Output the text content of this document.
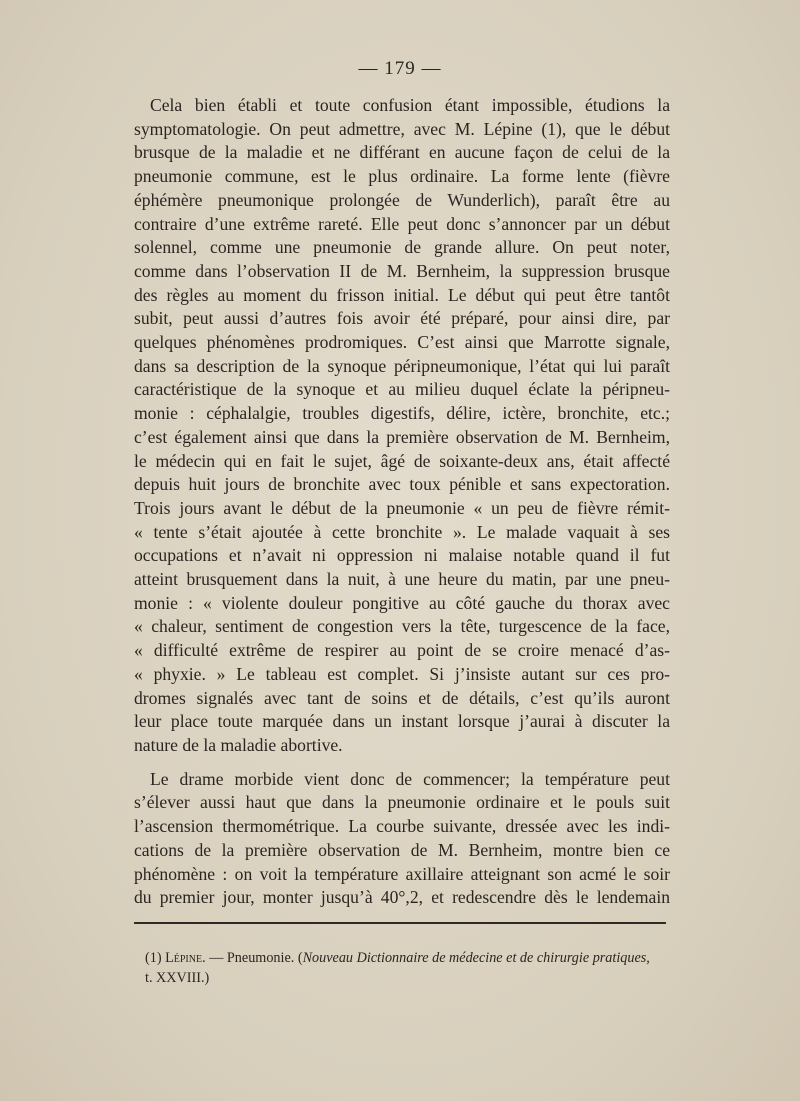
— 179 —
Cela bien établi et toute confusion étant impossible, étudions la
symptomatologie. On peut admettre, avec M. Lépine (1), que le début
brusque de la maladie et ne différant en aucune façon de celui de la
pneumonie commune, est le plus ordinaire. La forme lente (fièvre
éphémère pneumonique prolongée de Wunderlich), paraît être au
contraire d’une extrême rareté. Elle peut donc s’annoncer par un début
solennel, comme une pneumonie de grande allure. On peut noter,
comme dans l’observation II de M. Bernheim, la suppression brusque
des règles au moment du frisson initial. Le début qui peut être tantôt
subit, peut aussi d’autres fois avoir été préparé, pour ainsi dire, par
quelques phénomènes prodromiques. C’est ainsi que Marrotte signale,
dans sa description de la synoque péripneumonique, l’état qui lui paraît
caractéristique de la synoque et au milieu duquel éclate la péripneu-
monie : céphalalgie, troubles digestifs, délire, ictère, bronchite, etc.;
c’est également ainsi que dans la première observation de M. Bernheim,
le médecin qui en fait le sujet, âgé de soixante-deux ans, était affecté
depuis huit jours de bronchite avec toux pénible et sans expectoration.
Trois jours avant le début de la pneumonie « un peu de fièvre rémit-
« tente s’était ajoutée à cette bronchite ». Le malade vaquait à ses
occupations et n’avait ni oppression ni malaise notable quand il fut
atteint brusquement dans la nuit, à une heure du matin, par une pneu-
monie : « violente douleur pongitive au côté gauche du thorax avec
« chaleur, sentiment de congestion vers la tête, turgescence de la face,
« difficulté extrême de respirer au point de se croire menacé d’as-
« phyxie. » Le tableau est complet. Si j’insiste autant sur ces pro-
dromes signalés avec tant de soins et de détails, c’est qu’ils auront
leur place toute marquée dans un instant lorsque j’aurai à discuter la
nature de la maladie abortive.
Le drame morbide vient donc de commencer; la température peut
s’élever aussi haut que dans la pneumonie ordinaire et le pouls suit
l’ascension thermométrique. La courbe suivante, dressée avec les indi-
cations de la première observation de M. Bernheim, montre bien ce
phénomène : on voit la température axillaire atteignant son acmé le soir
du premier jour, monter jusqu’à 40°,2, et redescendre dès le lendemain
(1) Lépine. — Pneumonie. (Nouveau Dictionnaire de médecine et de chirurgie pratiques,
t. XXVIII.)
